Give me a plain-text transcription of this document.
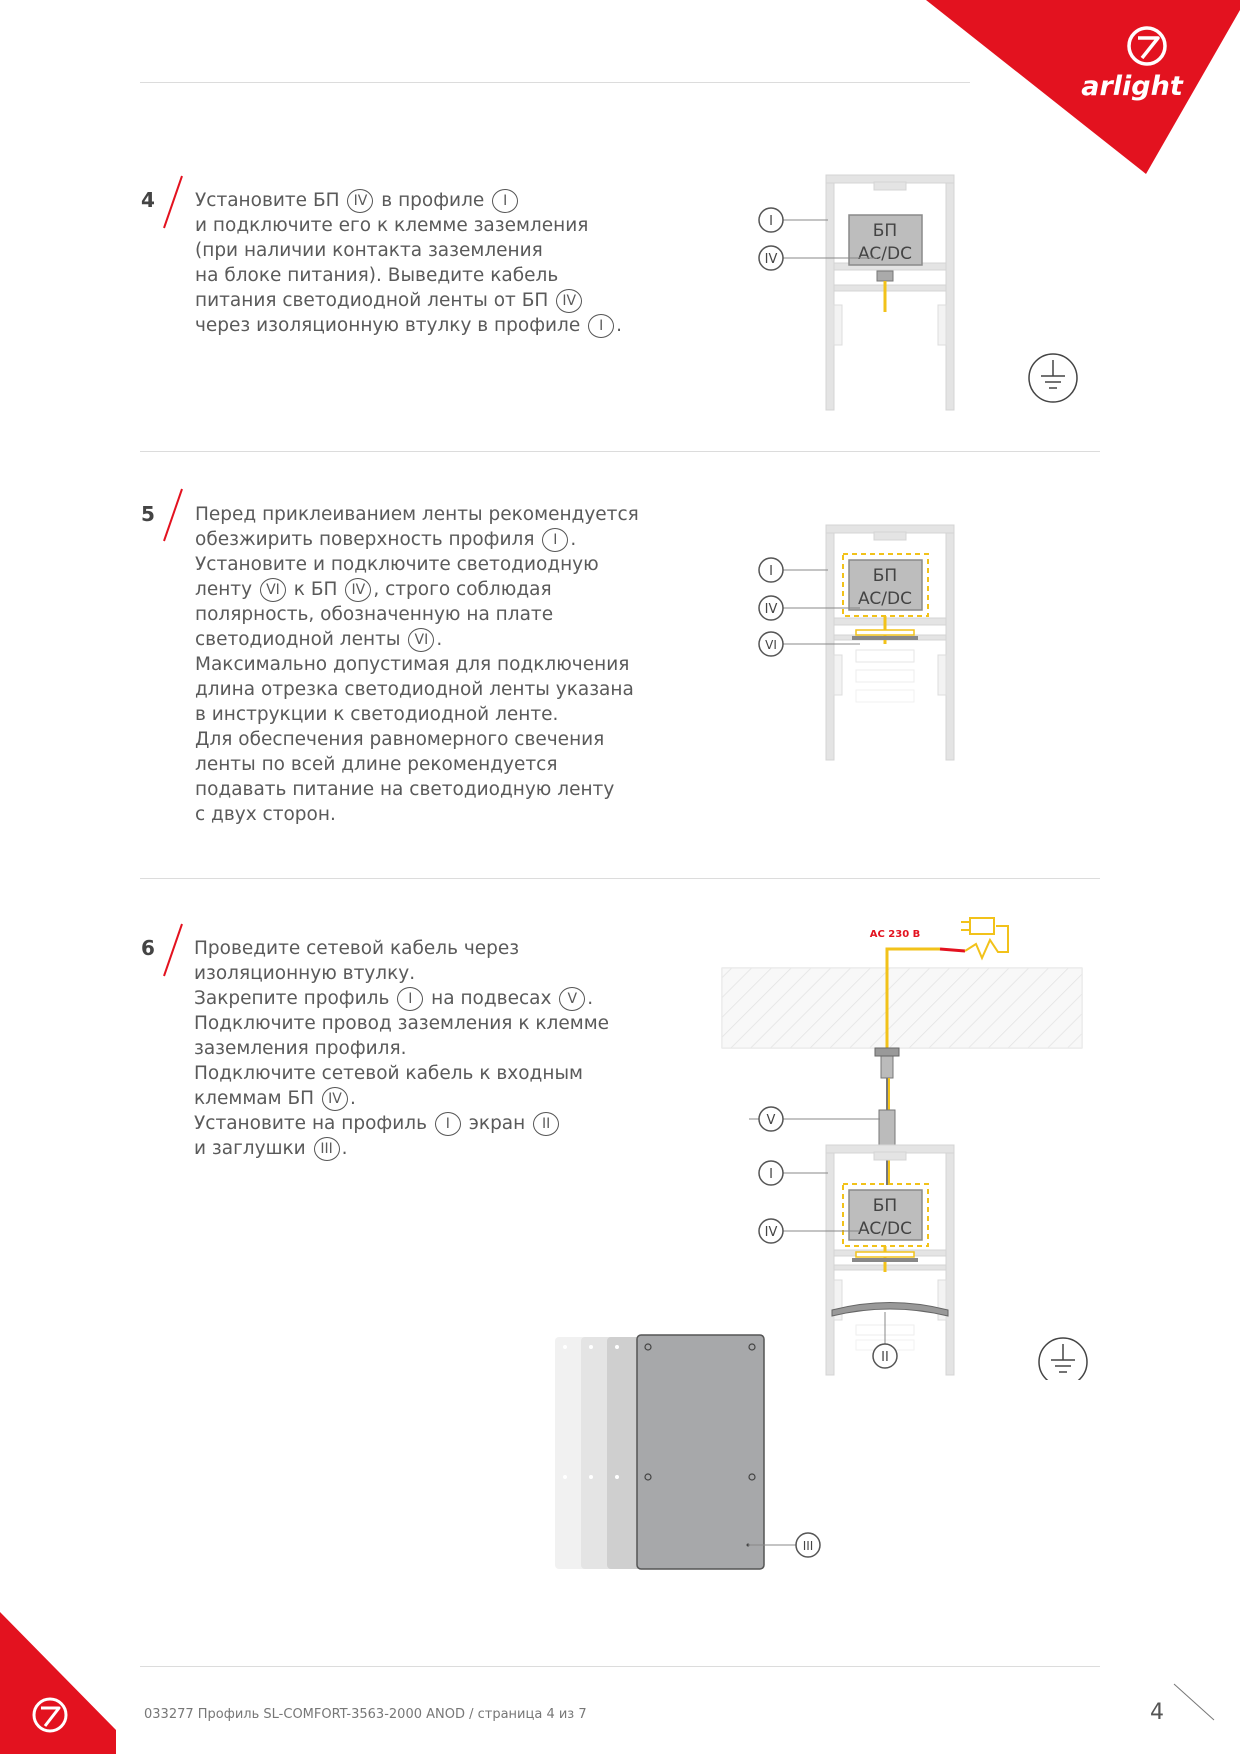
arlight
4 Установите БП IV в профиле I
и подключите его к клемме заземления
(при наличии контакта заземления
на блоке питания). Выведите кабель
питания светодиодной ленты от БП IV
через изоляционную втулку в профиле I .
5 Перед приклеиванием ленты рекомендуется
обезжирить поверхность профиля I .
Установите и подключите светодиодную
ленту VI к БП IV , строго соблюдая
полярность, обозначенную на плате
светодиодной ленты VI .
Максимально допустимая для подключения
длина отрезка светодиодной ленты указана
в инструкции к светодиодной ленте.
Для обеспечения равномерного свечения
ленты по всей длине рекомендуется
подавать питание на светодиодную ленту
с двух сторон.
6 Проведите сетевой кабель через
изоляционную втулку.
Закрепите профиль I на подвесах V .
Подключите провод заземления к клемме
заземления профиля.
Подключите сетевой кабель к входным
клеммам БП IV .
Установите на профиль I экран II
и заглушки III .
БП
AC/DC
I
IV
БП
AC/DC
I
IV
VI
AC 230 В
БП
AC/DC
V
I
IV
II
III
033277 Профиль SL-COMFORT-3563-2000 ANOD / страница 4 из 7	4
